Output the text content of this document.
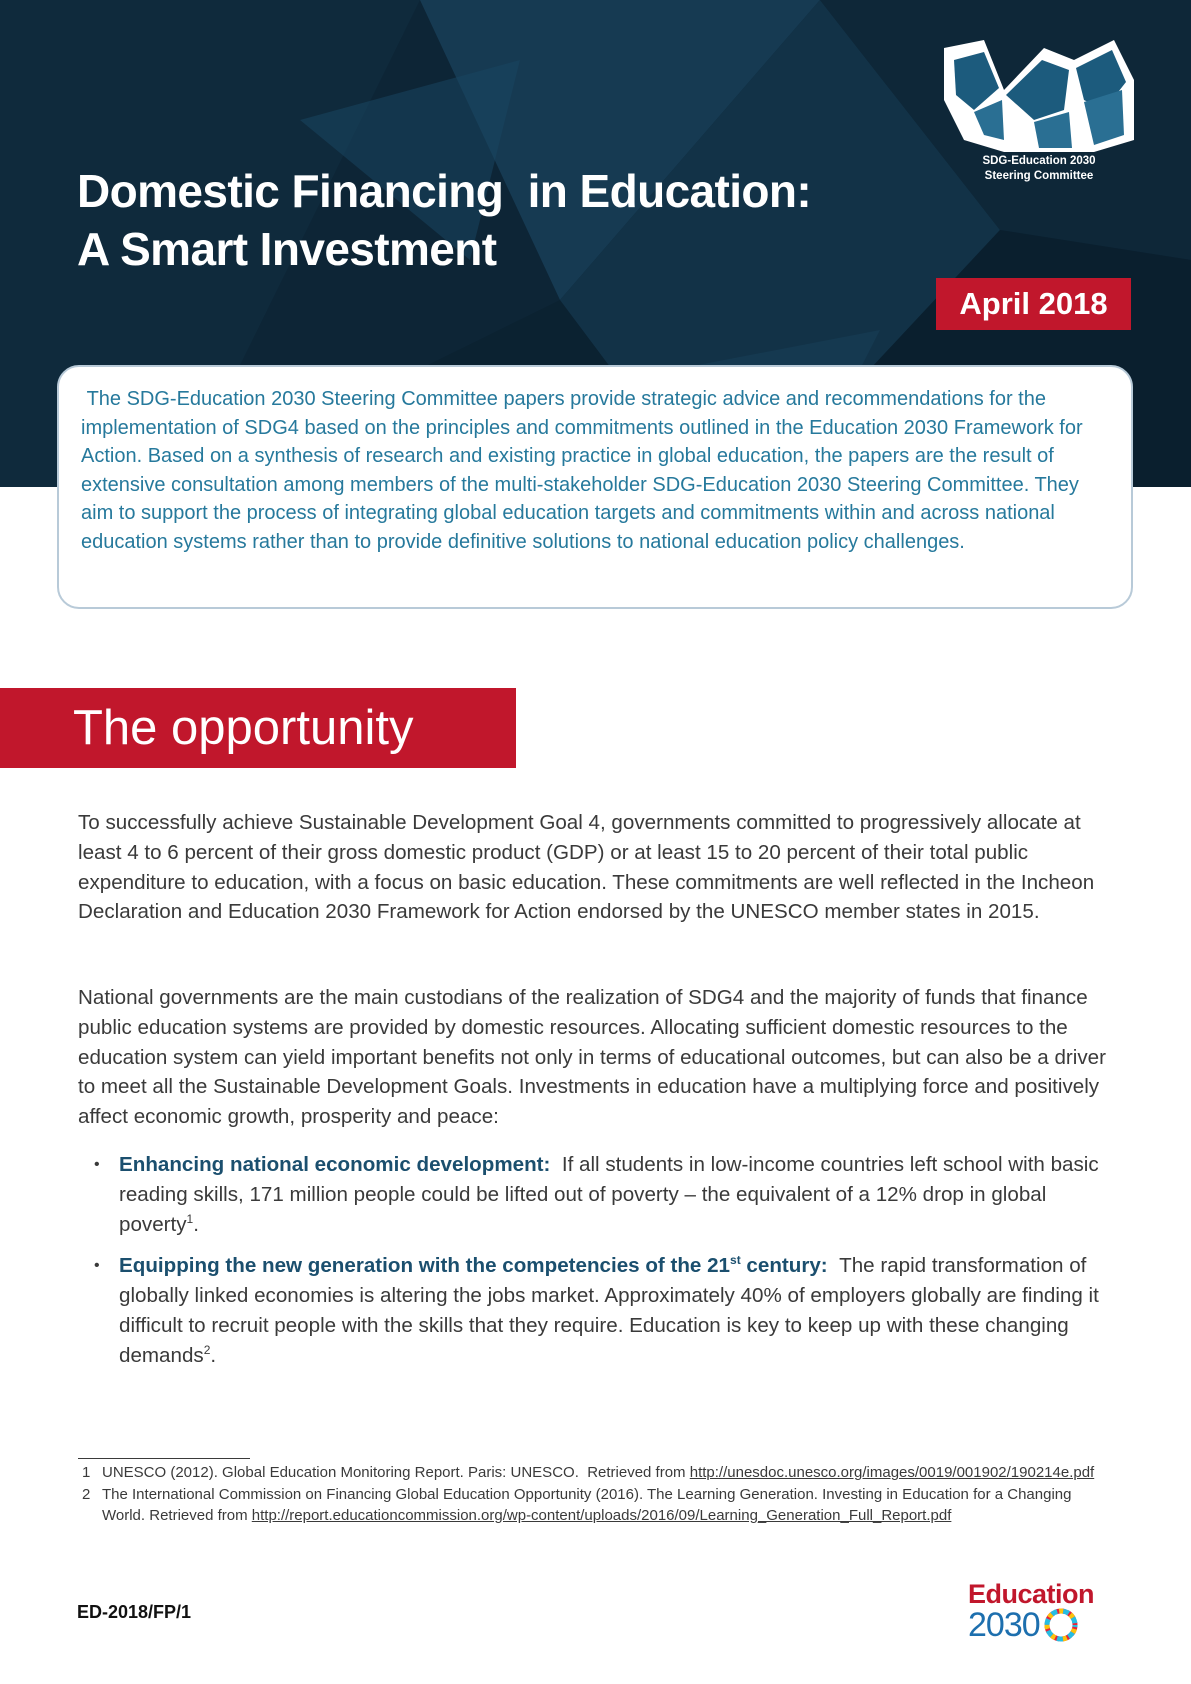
SDG-Education 2030
Steering Committee
Domestic Financing  in Education:
A Smart Investment
April 2018
The SDG-Education 2030 Steering Committee papers provide strategic advice and recommendations for the implementation of SDG4 based on the principles and commitments outlined in the Education 2030 Framework for Action. Based on a synthesis of research and existing practice in global education, the papers are the result of extensive consultation among members of the multi-stakeholder SDG-Education 2030 Steering Committee. They aim to support the process of integrating global education targets and commitments within and across national education systems rather than to provide definitive solutions to national education policy challenges.
The opportunity

To successfully achieve Sustainable Development Goal 4, governments committed to progressively allocate at least 4 to 6 percent of their gross domestic product (GDP) or at least 15 to 20 percent of their total public expenditure to education, with a focus on basic education. These commitments are well reflected in the Incheon Declaration and Education 2030 Framework for Action endorsed by the UNESCO member states in 2015.

National governments are the main custodians of the realization of SDG4 and the majority of funds that finance public education systems are provided by domestic resources. Allocating sufficient domestic resources to the education system can yield important benefits not only in terms of educational outcomes, but can also be a driver to meet all the Sustainable Development Goals. Investments in education have a multiplying force and positively affect economic growth, prosperity and peace:

• Enhancing national economic development: If all students in low-income countries left school with basic reading skills, 171 million people could be lifted out of poverty – the equivalent of a 12% drop in global poverty$^1$.
• Equipping the new generation with the competencies of the 21st century: The rapid transformation of globally linked economies is altering the jobs market. Approximately 40% of employers globally are finding it difficult to recruit people with the skills that they require. Education is key to keep up with these changing demands$^2$.
1 UNESCO (2012). Global Education Monitoring Report. Paris: UNESCO.  Retrieved from http://unesdoc.unesco.org/images/0019/001902/190214e.pdf
2 The International Commission on Financing Global Education Opportunity (2016). The Learning Generation. Investing in Education for a Changing World. Retrieved from http://report.educationcommission.org/wp-content/uploads/2016/09/Learning_Generation_Full_Report.pdf
ED-2018/FP/1
Education
2030
